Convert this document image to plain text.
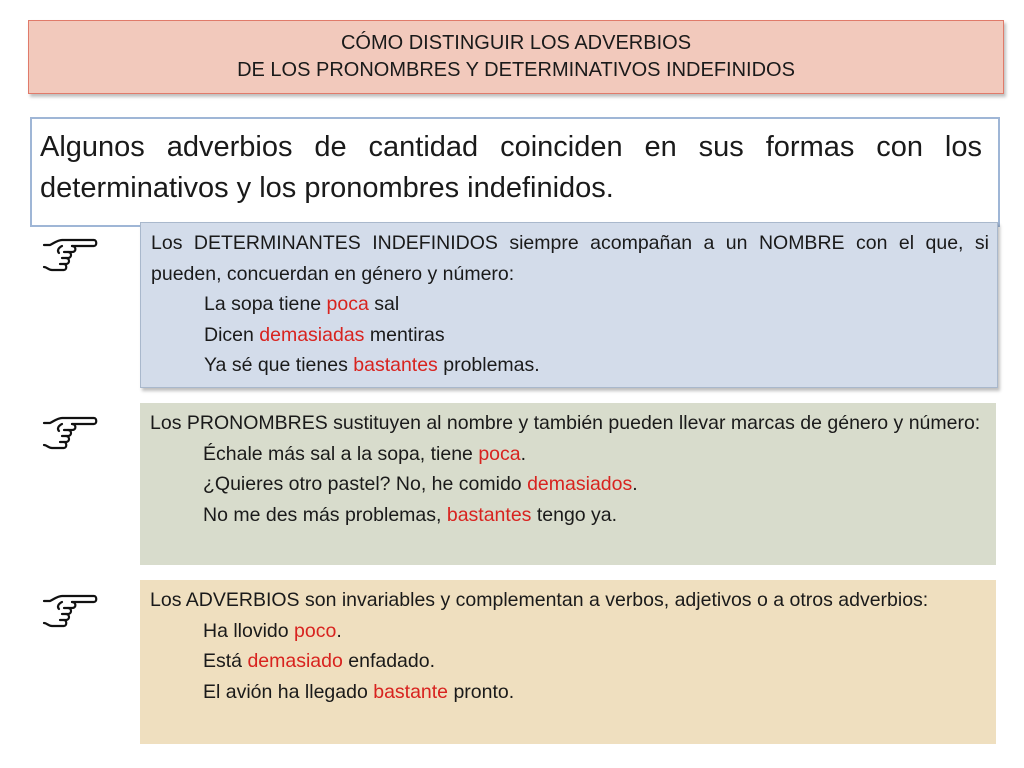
CÓMO DISTINGUIR LOS ADVERBIOS
DE LOS PRONOMBRES Y DETERMINATIVOS INDEFINIDOS
Algunos adverbios de cantidad coinciden en sus formas con los determinativos y los pronombres indefinidos.

Los DETERMINANTES INDEFINIDOS siempre acompañan a un NOMBRE con el que, si pueden, concuerdan en género y número:

La sopa tiene poca sal

Dicen demasiadas mentiras

Ya sé que tienes bastantes problemas.

Los PRONOMBRES sustituyen al nombre y también pueden llevar marcas de género y número:

Échale más sal a la sopa, tiene poca.

¿Quieres otro pastel? No, he comido demasiados.

No me des más problemas, bastantes tengo ya.

Los ADVERBIOS son invariables y complementan a verbos, adjetivos o a otros adverbios:

Ha llovido poco.

Está demasiado enfadado.

El avión ha llegado bastante pronto.
